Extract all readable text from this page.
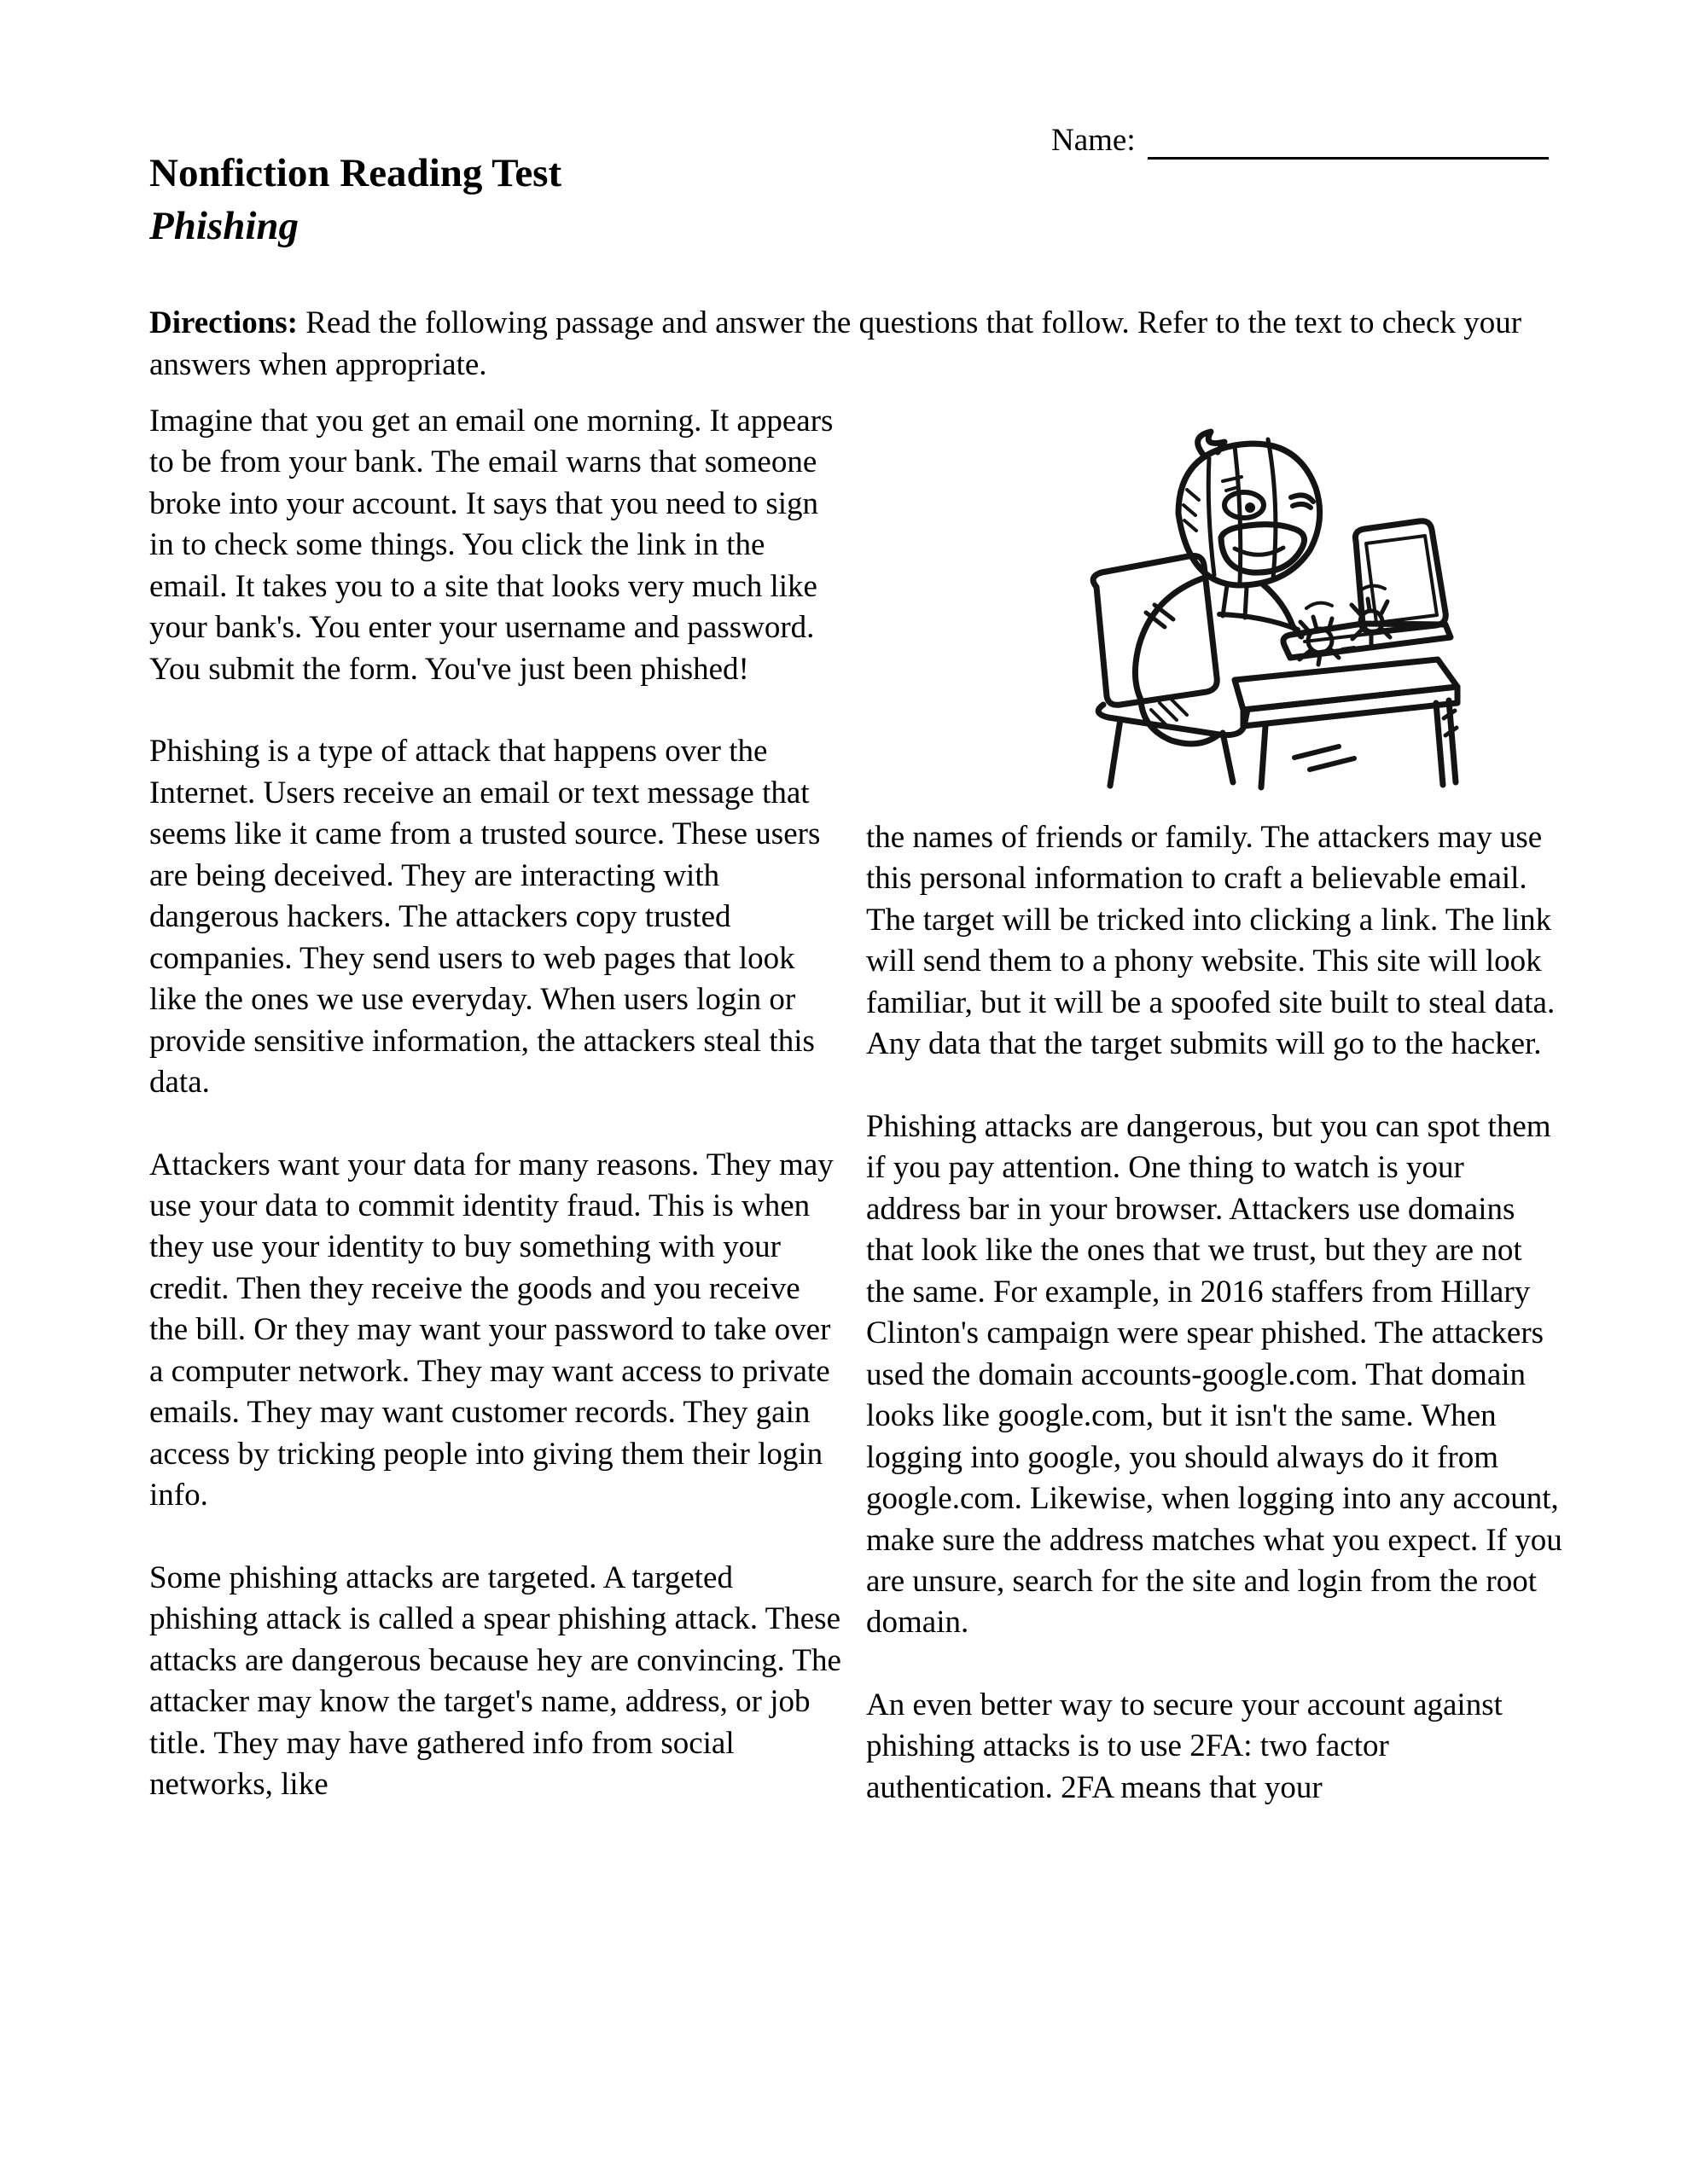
Name:
Nonfiction Reading Test
Phishing

Directions: Read the following passage and answer the questions that follow. Refer to the text to check your answers when appropriate.

Imagine that you get an email one morning. It appears to be from your bank. The email warns that someone broke into your account. It says that you need to sign in to check some things. You click the link in the email. It takes you to a site that looks very much like your bank's. You enter your username and password. You submit the form. You've just been phished!

Phishing is a type of attack that happens over the Internet. Users receive an email or text message that seems like it came from a trusted source. These users are being deceived. They are interacting with dangerous hackers. The attackers copy trusted companies. They send users to web pages that look like the ones we use everyday. When users login or provide sensitive information, the attackers steal this data.

Attackers want your data for many reasons. They may use your data to commit identity fraud. This is when they use your identity to buy something with your credit. Then they receive the goods and you receive the bill. Or they may want your password to take over a computer network. They may want access to private emails. They may want customer records. They gain access by tricking people into giving them their login info.

Some phishing attacks are targeted. A targeted phishing attack is called a spear phishing attack. These attacks are dangerous because hey are convincing. The attacker may know the target's name, address, or job title. They may have gathered info from social networks, like

the names of friends or family. The attackers may use this personal information to craft a believable email. The target will be tricked into clicking a link. The link will send them to a phony website. This site will look familiar, but it will be a spoofed site built to steal data. Any data that the target submits will go to the hacker.

Phishing attacks are dangerous, but you can spot them if you pay attention. One thing to watch is your address bar in your browser. Attackers use domains that look like the ones that we trust, but they are not the same. For example, in 2016 staffers from Hillary Clinton's campaign were spear phished. The attackers used the domain accounts-google.com. That domain looks like google.com, but it isn't the same. When logging into google, you should always do it from google.com. Likewise, when logging into any account, make sure the address matches what you expect. If you are unsure, search for the site and login from the root domain.

An even better way to secure your account against phishing attacks is to use 2FA: two factor authentication. 2FA means that your
